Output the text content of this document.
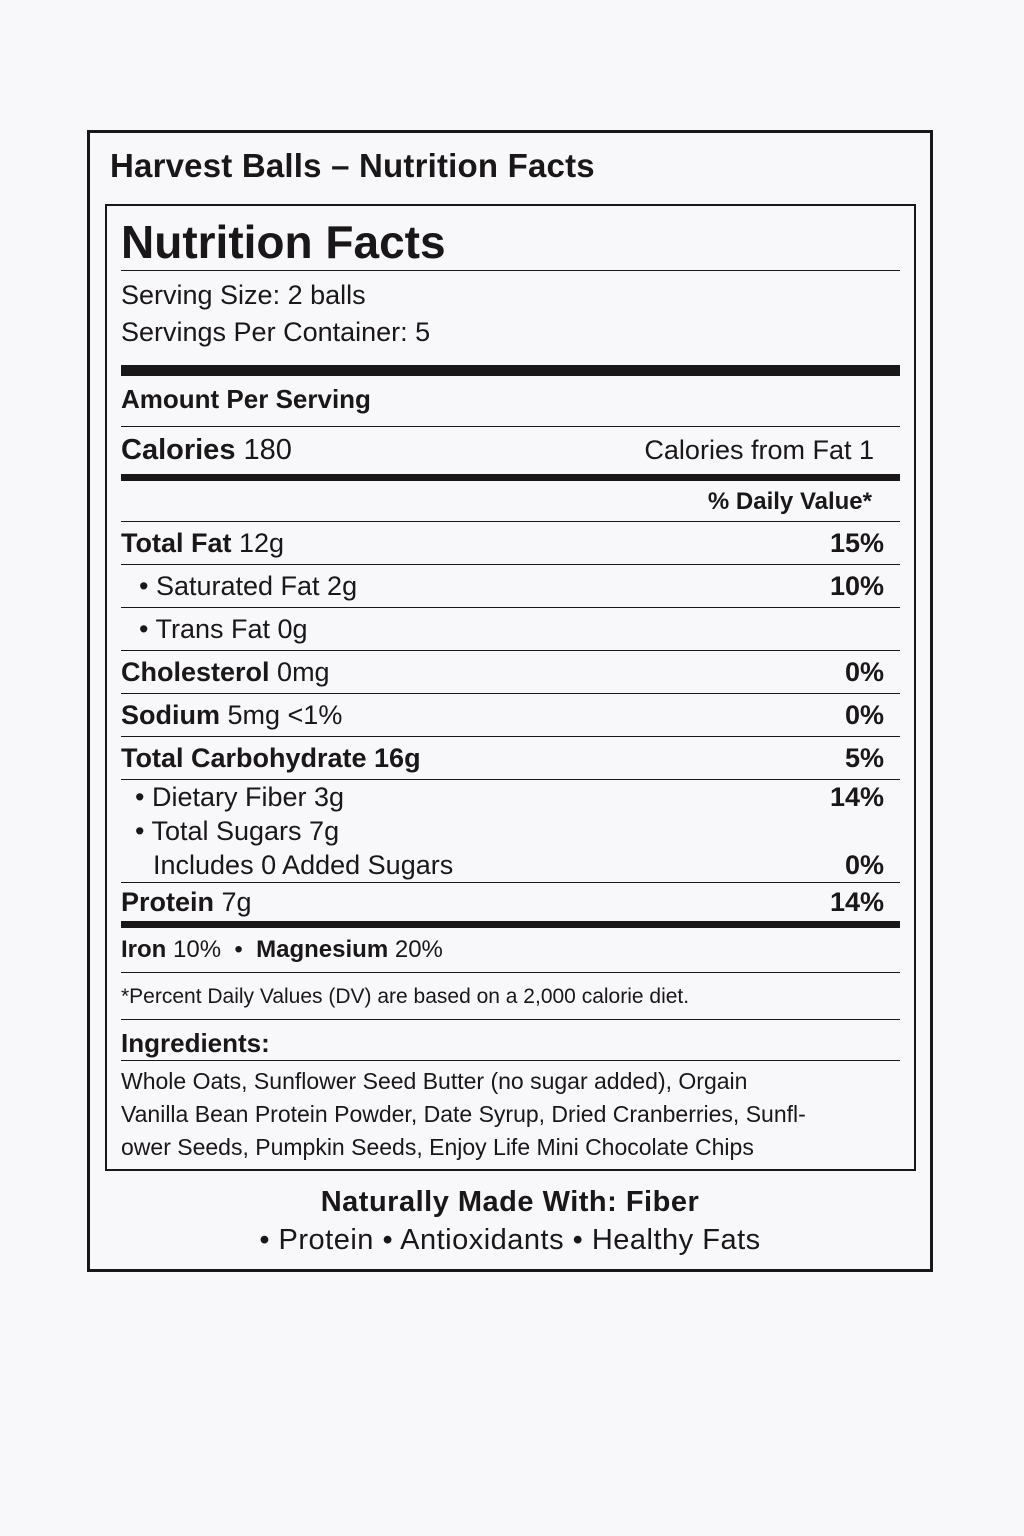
Harvest Balls – Nutrition Facts
Nutrition Facts
Serving Size: 2 balls
Servings Per Container: 5
Amount Per Serving
Calories 180	Calories from Fat 1
% Daily Value*
Total Fat 12g	15%
• Saturated Fat 2g	10%
• Trans Fat 0g
Cholesterol 0mg	0%
Sodium 5mg <1%	0%
Total Carbohydrate 16g	5%
• Dietary Fiber 3g	14%
• Total Sugars 7g
Includes 0 Added Sugars	0%
Protein 7g	14%
Iron 10% • Magnesium 20%
*Percent Daily Values (DV) are based on a 2,000 calorie diet.
Ingredients:
Whole Oats, Sunflower Seed Butter (no sugar added), Orgain
Vanilla Bean Protein Powder, Date Syrup, Dried Cranberries, Sunfl-
ower Seeds, Pumpkin Seeds, Enjoy Life Mini Chocolate Chips
Naturally Made With: Fiber
• Protein • Antioxidants • Healthy Fats
